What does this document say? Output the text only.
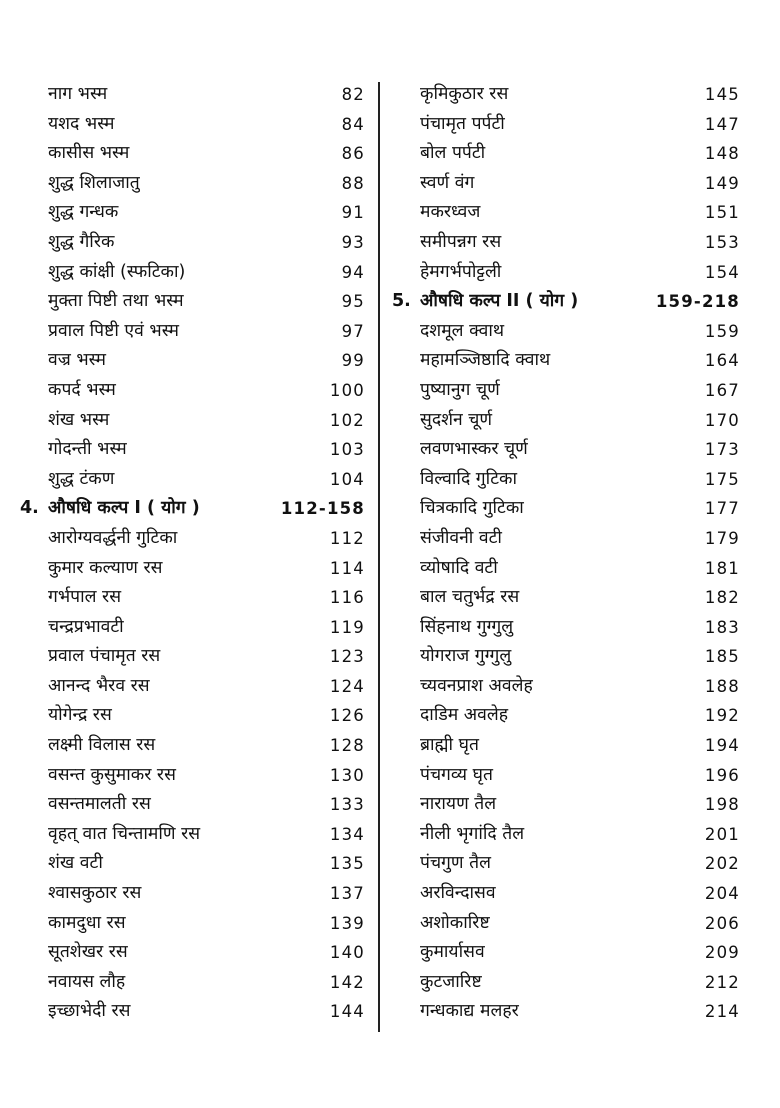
नाग भस्म	82
यशद भस्म	84
कासीस भस्म	86
शुद्ध शिलाजातु	88
शुद्ध गन्धक	91
शुद्ध गैरिक	93
शुद्ध कांक्षी (स्फटिका)	94
मुक्ता पिष्टी तथा भस्म	95
प्रवाल पिष्टी एवं भस्म	97
वज्र भस्म	99
कपर्द भस्म	100
शंख भस्म	102
गोदन्ती भस्म	103
शुद्ध टंकण	104
4. औषधि कल्प I ( योग )	112-158
आरोग्यवर्द्धनी गुटिका	112
कुमार कल्याण रस	114
गर्भपाल रस	116
चन्द्रप्रभावटी	119
प्रवाल पंचामृत रस	123
आनन्द भैरव रस	124
योगेन्द्र रस	126
लक्ष्मी विलास रस	128
वसन्त कुसुमाकर रस	130
वसन्तमालती रस	133
वृहत् वात चिन्तामणि रस	134
शंख वटी	135
श्वासकुठार रस	137
कामदुधा रस	139
सूतशेखर रस	140
नवायस लौह	142
इच्छाभेदी रस	144
कृमिकुठार रस	145
पंचामृत पर्पटी	147
बोल पर्पटी	148
स्वर्ण वंग	149
मकरध्वज	151
समीपन्नग रस	153
हेमगर्भपोट्टली	154
5. औषधि कल्प II ( योग )	159-218
दशमूल क्वाथ	159
महामञ्जिष्ठादि क्वाथ	164
पुष्यानुग चूर्ण	167
सुदर्शन चूर्ण	170
लवणभास्कर चूर्ण	173
विल्वादि गुटिका	175
चित्रकादि गुटिका	177
संजीवनी वटी	179
व्योषादि वटी	181
बाल चतुर्भद्र रस	182
सिंहनाथ गुग्गुलु	183
योगराज गुग्गुलु	185
च्यवनप्राश अवलेह	188
दाडिम अवलेह	192
ब्राह्मी घृत	194
पंचगव्य घृत	196
नारायण तैल	198
नीली भृगांदि तैल	201
पंचगुण तैल	202
अरविन्दासव	204
अशोकारिष्ट	206
कुमार्यासव	209
कुटजारिष्ट	212
गन्धकाद्य मलहर	214
